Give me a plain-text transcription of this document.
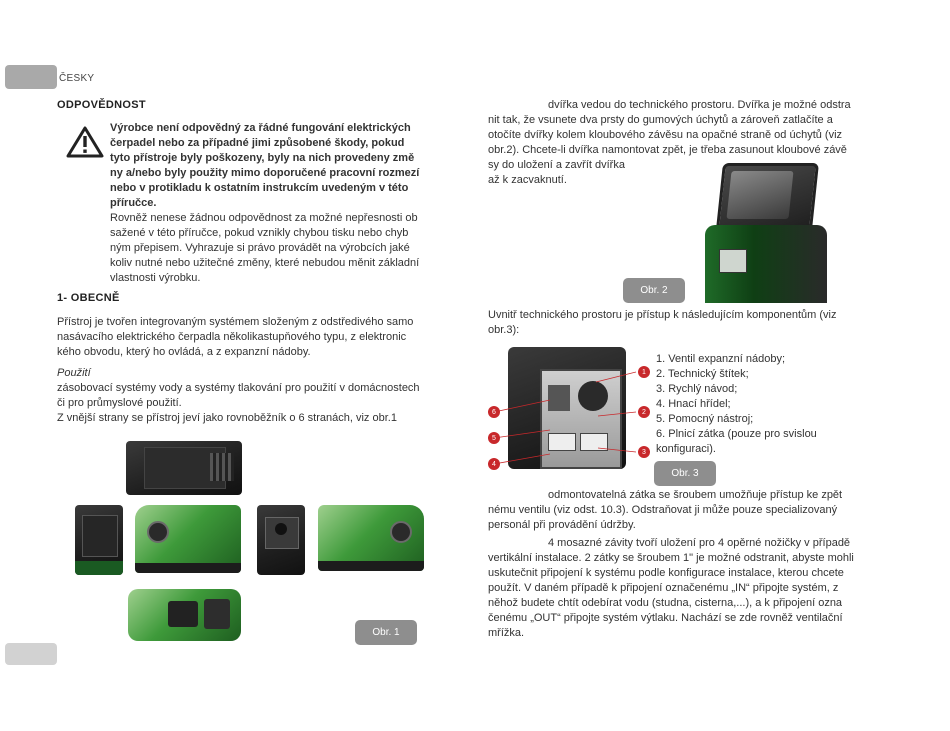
ČESKY
ODPOVĚDNOST

Výrobce není odpovědný za řádné fungování elektrických

čerpadel nebo za případné jimi způsobené škody, pokud

tyto přístroje byly poškozeny, byly na nich provedeny změ

ny a/nebo byly použity mimo doporučené pracovní rozmezí

nebo v protikladu k ostatním instrukcím uvedeným v této

příručce.

Rovněž nenese žádnou odpovědnost za možné nepřesnosti ob

sažené v této příručce, pokud vznikly chybou tisku nebo chyb

ným přepisem. Vyhrazuje si právo provádět na výrobcích jaké

koliv nutné nebo užitečné změny, které nebudou měnit základní

vlastnosti výrobku.

1- OBECNĚ

Přístroj je tvořen integrovaným systémem složeným z odstředivého samo

nasávacího elektrického čerpadla několikastupňového typu, z elektronic

kého obvodu, který ho ovládá, a z expanzní nádoby.

Použití

zásobovací systémy vody a systémy tlakování pro použití v domácnostech

či pro průmyslové použití.

Z vnější strany se přístroj jeví jako rovnoběžník o 6 stranách, viz obr.1

Obr. 1

dvířka vedou do technického prostoru. Dvířka je možné odstra

nit tak, že vsunete dva prsty do gumových úchytů a zároveň zatlačíte a

otočíte dvířky kolem kloubového závěsu na opačné straně od úchytů (viz

obr.2). Chcete-li dvířka namontovat zpět, je třeba zasunout kloubové závě

sy do uložení a zavřít dvířka

až k zacvaknutí.

Obr. 2

Uvnitř technického prostoru je přístup k následujícím komponentům (viz

obr.3):

1
2
3
4
5
6
1. Ventil expanzní nádoby;
2. Technický štítek;
3. Rychlý návod;
4. Hnací hřídel;
5. Pomocný nástroj;
6. Plnicí zátka (pouze pro svislou
konfiguraci).
Obr. 3

odmontovatelná zátka se šroubem umožňuje přístup ke zpět

nému ventilu (viz odst. 10.3). Odstraňovat ji může pouze specializovaný

personál při provádění údržby.

4 mosazné závity tvoří uložení pro 4 opěrné nožičky v případě

vertikální instalace. 2 zátky se šroubem 1" je možné odstranit, abyste mohli

uskutečnit připojení k systému podle konfigurace instalace, kterou chcete

použít. V daném případě k připojení označenému „IN“ připojte systém, z

něhož budete chtít odebírat vodu (studna, cisterna,...), a k připojení ozna

čenému „OUT“ připojte systém výtlaku. Nachází se zde rovněž ventilační

mřížka.
